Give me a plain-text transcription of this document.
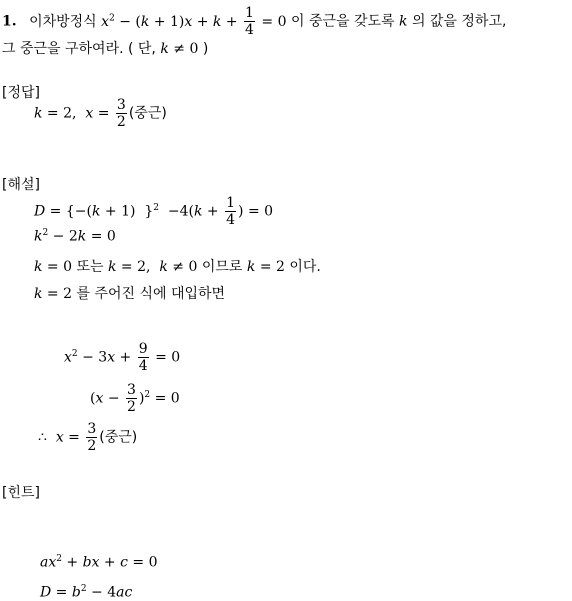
1. 이차방정식 $x^2 - (k + 1)x + k + \frac{1}{4} = 0$ 이 중근을 갖도록 k 의 값을 정하고,
그 중근을 구하여라. ( 단, k ≠ 0 )
[정답]
k = 2,  $x = \frac{3}{2}$ (중근)
[해설]
D = {−(k + 1)  }$^2 -4(k + \frac{1}{4}$ ) = 0
$k^2 - 2k = 0$
k = 0 또는 k = 2,  k ≠ 0 이므로 k = 2 이다.
k = 2 를 주어진 식에 대입하면
$x^2 - 3x + \frac{9}{4} = 0$
$(x - \frac{3}{2} )^2 = 0$
∴  $x = \frac{3}{2}$ (중근)
[힌트]
$ax^2$ + bx + c = 0
$D = b^2 - 4ac$
